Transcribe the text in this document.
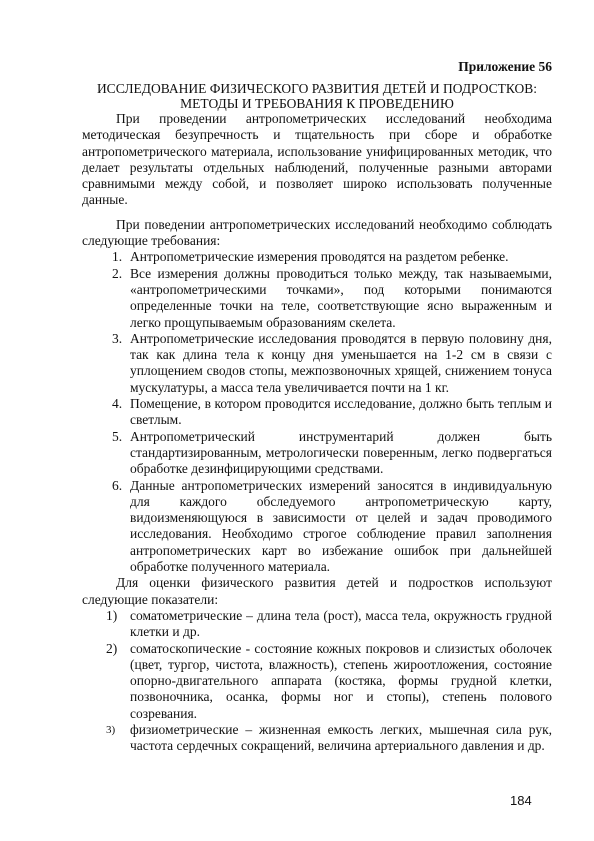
Приложение 56
ИССЛЕДОВАНИЕ ФИЗИЧЕСКОГО РАЗВИТИЯ ДЕТЕЙ И ПОДРОСТКОВ:
МЕТОДЫ И ТРЕБОВАНИЯ К ПРОВЕДЕНИЮ

При проведении антропометрических исследований необходима методическая безупречность и тщательность при сборе и обработке антропометрического материала, использование унифицированных методик, что делает результаты отдельных наблюдений, полученные разными авторами сравнимыми между собой, и позволяет широко использовать полученные данные.

При поведении антропометрических исследований необходимо соблюдать следующие требования:

1. Антропометрические измерения проводятся на раздетом ребенке.
2. Все измерения должны проводиться только между, так называемыми, «антропометрическими точками», под которыми понимаются определенные точки на теле, соответствующие ясно выраженным и легко прощупываемым образованиям скелета.
3. Антропометрические исследования проводятся в первую половину дня, так как длина тела к концу дня уменьшается на 1-2 см в связи с уплощением сводов стопы, межпозвоночных хрящей, снижением тонуса мускулатуры, а масса тела увеличивается почти на 1 кг.
4. Помещение, в котором проводится исследование, должно быть теплым и светлым.
5. Антропометрический инструментарий должен быть стандартизированным, метрологически поверенным, легко подвергаться обработке дезинфицирующими средствами.
6. Данные антропометрических измерений заносятся в индивидуальную для каждого обследуемого антропометрическую карту, видоизменяющуюся в зависимости от целей и задач проводимого исследования. Необходимо строгое соблюдение правил заполнения антропометрических карт во избежание ошибок при дальнейшей обработке полученного материала.

Для оценки физического развития детей и подростков используют следующие показатели:

1) соматометрические – длина тела (рост), масса тела, окружность грудной клетки и др.
2) соматоскопические - состояние кожных покровов и слизистых оболочек (цвет, тургор, чистота, влажность), степень жироотложения, состояние опорно-двигательного аппарата (костяка, формы грудной клетки, позвоночника, осанка, формы ног и стопы), степень полового созревания.
3) физиометрические – жизненная емкость легких, мышечная сила рук, частота сердечных сокращений, величина артериального давления и др.
184
